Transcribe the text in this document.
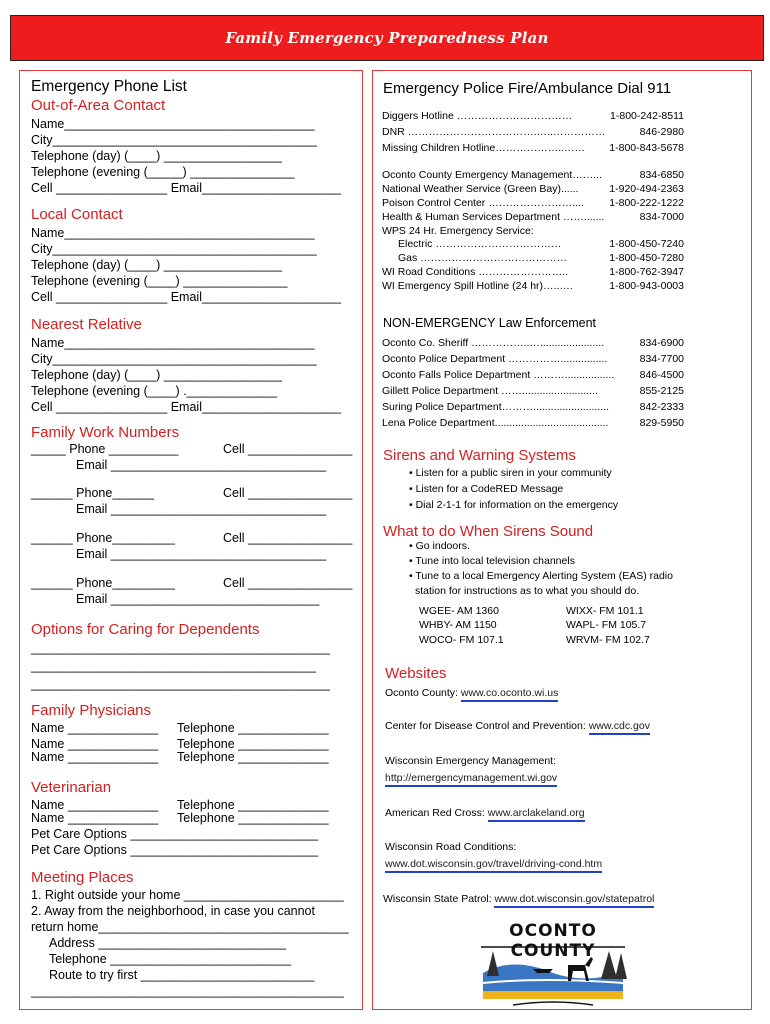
Family Emergency Preparedness Plan
Emergency Phone List
Out-of-Area Contact
Name____________________________________
City______________________________________
Telephone (day) (____) _________________
Telephone (evening (_____) _______________
Cell ________________ Email____________________
Local Contact
Name____________________________________
City______________________________________
Telephone (day) (____) _________________
Telephone (evening (____) _______________
Cell ________________ Email____________________
Nearest Relative
Name____________________________________
City______________________________________
Telephone (day) (____) _________________
Telephone (evening (____) ._____________
Cell ________________ Email____________________
Family Work Numbers
_____ Phone __________	Cell _______________
Email _______________________________
______ Phone______	Cell _______________
Email _______________________________
______ Phone_________	Cell _______________
Email _______________________________
______ Phone_________	Cell _______________
Email ______________________________
Options for Caring for Dependents
___________________________________________
_________________________________________
___________________________________________
Family Physicians
Name _____________ Telephone _____________
Name _____________ Telephone _____________
Name _____________ Telephone _____________
Veterinarian
Name _____________ Telephone _____________
Name _____________ Telephone _____________
Pet Care Options ___________________________
Pet Care Options ___________________________
Meeting Places
1. Right outside your home _______________________
2. Away from the neighborhood, in case you cannot
return home____________________________________
Address ___________________________
Telephone __________________________
Route to try first _________________________
_____________________________________________
Emergency Police Fire/Ambulance Dial 911
Diggers Hotline ……………………………	1-800-242-8511
DNR ……………………………….…..……………	846-2980
Missing Children Hotline………………..…… 1-800-843-5678
Oconto County Emergency Management……...	834-6850
National Weather Service (Green Bay)......	1-920-494-2363
Poison Control Center …………………….... 1-800-222-1222
Health & Human Services Department …….......	834-7000
WPS 24 Hr. Emergency Service:
Electric ………………………………	1-800-450-7240
Gas ……………………………………	1-800-450-7280
WI Road Conditions ……………………..	1-800-762-3947
WI Emergency Spill Hotline (24 hr)…..….	1-800-943-0003
NON-EMERGENCY Law Enforcement
Oconto Co. Sheriff ……………..…......................	834-6900
Oconto Police Department ……………................	834-7700
Oconto Falls Police Department ………................. 846-4500
Gillett Police Department ……..........................	855-2125
Suring Police Department………..........................	842-2333
Lena Police Department.......................................	829-5950
Sirens and Warning Systems
• Listen for a public siren in your community
• Listen for a CodeRED Message
• Dial 2-1-1 for information on the emergency
What to do When Sirens Sound
• Go indoors.
• Tune into local television channels
• Tune to a local Emergency Alerting System (EAS) radio
station for instructions as to what you should do.
WGEE- AM 1360	WIXX- FM 101.1
WHBY- AM 1150	WAPL- FM 105.7
WOCO- FM 107.1	WRVM- FM 102.7
Websites
Oconto County: www.co.oconto.wi.us
Center for Disease Control and Prevention: www.cdc.gov
Wisconsin Emergency Management:
http://emergencymanagement.wi.gov
American Red Cross: www.arclakeland.org
Wisconsin Road Conditions:
www.dot.wisconsin.gov/travel/driving-cond.htm
Wisconsin State Patrol: www.dot.wisconsin.gov/statepatrol
OCONTO COUNTY
